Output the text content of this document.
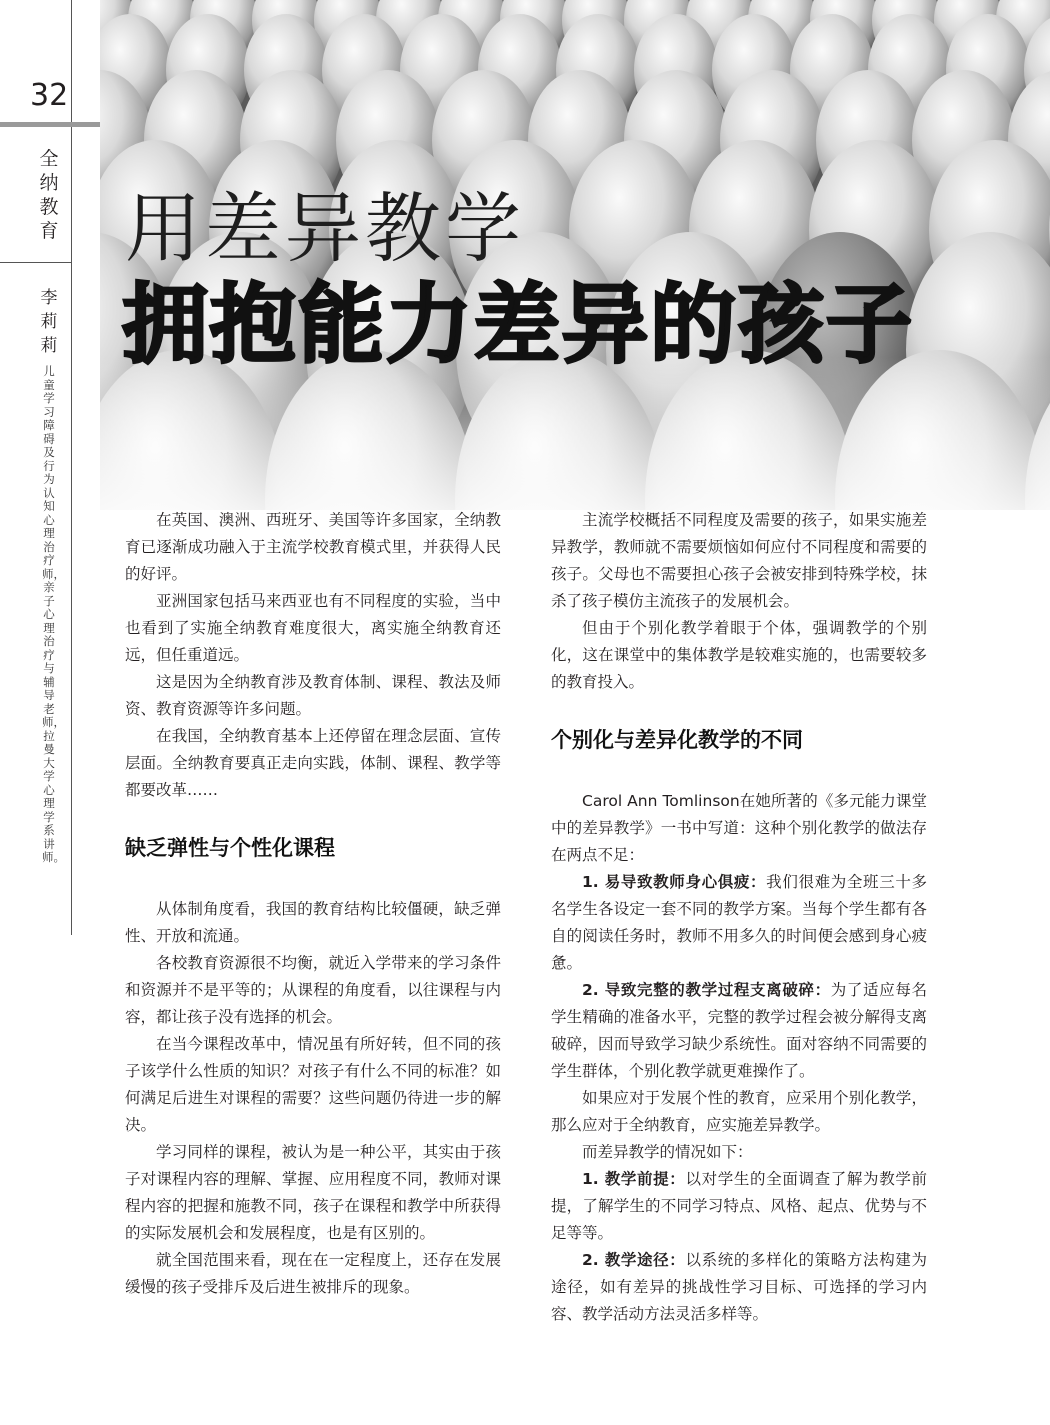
32
全纳教育
李莉莉
儿童学习障碍及行为认知心理治疗师，亲子心理治疗与辅导老师，拉曼大学心理学系讲师。
用差异教学
拥抱能力差异的孩子

在英国、澳洲、西班牙、美国等许多国家，全纳教育已逐渐成功融入于主流学校教育模式里，并获得人民的好评。

亚洲国家包括马来西亚也有不同程度的实验，当中也看到了实施全纳教育难度很大，离实施全纳教育还远，但任重道远。

这是因为全纳教育涉及教育体制、课程、教法及师资、教育资源等许多问题。

在我国，全纳教育基本上还停留在理念层面、宣传层面。全纳教育要真正走向实践，体制、课程、教学等都要改革……

缺乏弹性与个性化课程

从体制角度看，我国的教育结构比较僵硬，缺乏弹性、开放和流通。

各校教育资源很不均衡，就近入学带来的学习条件和资源并不是平等的；从课程的角度看，以往课程与内容，都让孩子没有选择的机会。

在当今课程改革中，情况虽有所好转，但不同的孩子该学什么性质的知识？对孩子有什么不同的标准？如何满足后进生对课程的需要？这些问题仍待进一步的解决。

学习同样的课程，被认为是一种公平，其实由于孩子对课程内容的理解、掌握、应用程度不同，教师对课程内容的把握和施教不同，孩子在课程和教学中所获得的实际发展机会和发展程度，也是有区别的。

就全国范围来看，现在在一定程度上，还存在发展缓慢的孩子受排斥及后进生被排斥的现象。

主流学校概括不同程度及需要的孩子，如果实施差异教学，教师就不需要烦恼如何应付不同程度和需要的孩子。父母也不需要担心孩子会被安排到特殊学校，抹杀了孩子模仿主流孩子的发展机会。

但由于个别化教学着眼于个体，强调教学的个别化，这在课堂中的集体教学是较难实施的，也需要较多的教育投入。

个别化与差异化教学的不同

Carol Ann Tomlinson在她所著的《多元能力课堂中的差异教学》一书中写道：这种个别化教学的做法存在两点不足：

1. 易导致教师身心俱疲：我们很难为全班三十多名学生各设定一套不同的教学方案。当每个学生都有各自的阅读任务时，教师不用多久的时间便会感到身心疲惫。

2. 导致完整的教学过程支离破碎：为了适应每名学生精确的准备水平，完整的教学过程会被分解得支离破碎，因而导致学习缺少系统性。面对容纳不同需要的学生群体，个别化教学就更难操作了。

如果应对于发展个性的教育，应采用个别化教学，那么应对于全纳教育，应实施差异教学。

而差异教学的情况如下：

1. 教学前提：以对学生的全面调查了解为教学前提，了解学生的不同学习特点、风格、起点、优势与不足等等。

2. 教学途径：以系统的多样化的策略方法构建为途径，如有差异的挑战性学习目标、可选择的学习内容、教学活动方法灵活多样等。
